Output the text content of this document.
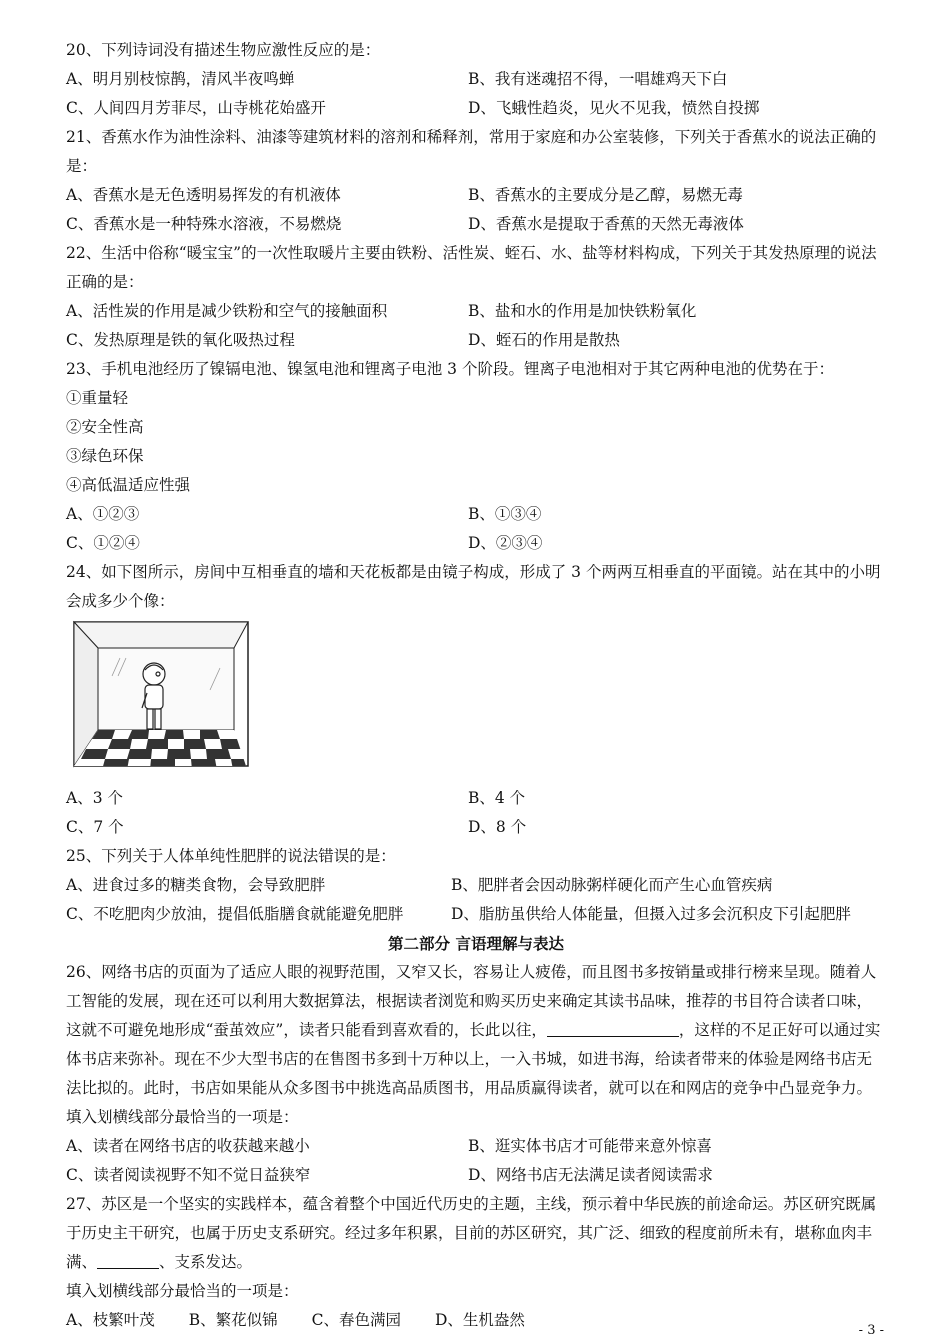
20、下列诗词没有描述生物应激性反应的是：
A、明月别枝惊鹊，清风半夜鸣蝉	B、我有迷魂招不得，一唱雄鸡天下白
C、人间四月芳菲尽，山寺桃花始盛开	D、飞蛾性趋炎，见火不见我，愤然自投掷
21、香蕉水作为油性涂料、油漆等建筑材料的溶剂和稀释剂，常用于家庭和办公室装修，下列关于香蕉水的说法正确的是：
A、香蕉水是无色透明易挥发的有机液体	B、香蕉水的主要成分是乙醇，易燃无毒
C、香蕉水是一种特殊水溶液，不易燃烧	D、香蕉水是提取于香蕉的天然无毒液体
22、生活中俗称“暖宝宝”的一次性取暖片主要由铁粉、活性炭、蛭石、水、盐等材料构成，下列关于其发热原理的说法正确的是：
A、活性炭的作用是减少铁粉和空气的接触面积	B、盐和水的作用是加快铁粉氧化
C、发热原理是铁的氧化吸热过程	D、蛭石的作用是散热
23、手机电池经历了镍镉电池、镍氢电池和锂离子电池 3 个阶段。锂离子电池相对于其它两种电池的优势在于：
①重量轻
②安全性高
③绿色环保
④高低温适应性强
A、①②③	B、①③④
C、①②④	D、②③④
24、如下图所示，房间中互相垂直的墙和天花板都是由镜子构成，形成了 3 个两两互相垂直的平面镜。站在其中的小明会成多少个像：
A、3 个	B、4 个
C、7 个	D、8 个
25、下列关于人体单纯性肥胖的说法错误的是：
A、进食过多的糖类食物，会导致肥胖	B、肥胖者会因动脉粥样硬化而产生心血管疾病
C、不吃肥肉少放油，提倡低脂膳食就能避免肥胖	D、脂肪虽供给人体能量，但摄入过多会沉积皮下引起肥胖
第二部分 言语理解与表达
26、网络书店的页面为了适应人眼的视野范围，又窄又长，容易让人疲倦，而且图书多按销量或排行榜来呈现。随着人工智能的发展，现在还可以利用大数据算法，根据读者浏览和购买历史来确定其读书品味，推荐的书目符合读者口味，这就不可避免地形成“蚕茧效应”，读者只能看到喜欢看的，长此以往，	，这样的不足正好可以通过实体书店来弥补。现在不少大型书店的在售图书多到十万种以上，一入书城，如进书海，给读者带来的体验是网络书店无法比拟的。此时，书店如果能从众多图书中挑选高品质图书，用品质赢得读者，就可以在和网店的竞争中凸显竞争力。
填入划横线部分最恰当的一项是：
A、读者在网络书店的收获越来越小	B、逛实体书店才可能带来意外惊喜
C、读者阅读视野不知不觉日益狭窄	D、网络书店无法满足读者阅读需求
27、苏区是一个坚实的实践样本，蕴含着整个中国近代历史的主题，主线，预示着中华民族的前途命运。苏区研究既属于历史主干研究，也属于历史支系研究。经过多年积累，目前的苏区研究，其广泛、细致的程度前所未有，堪称血肉丰满、	、支系发达。
填入划横线部分最恰当的一项是：
A、枝繁叶茂 B、繁花似锦 C、春色满园 D、生机盎然
- 3 -
